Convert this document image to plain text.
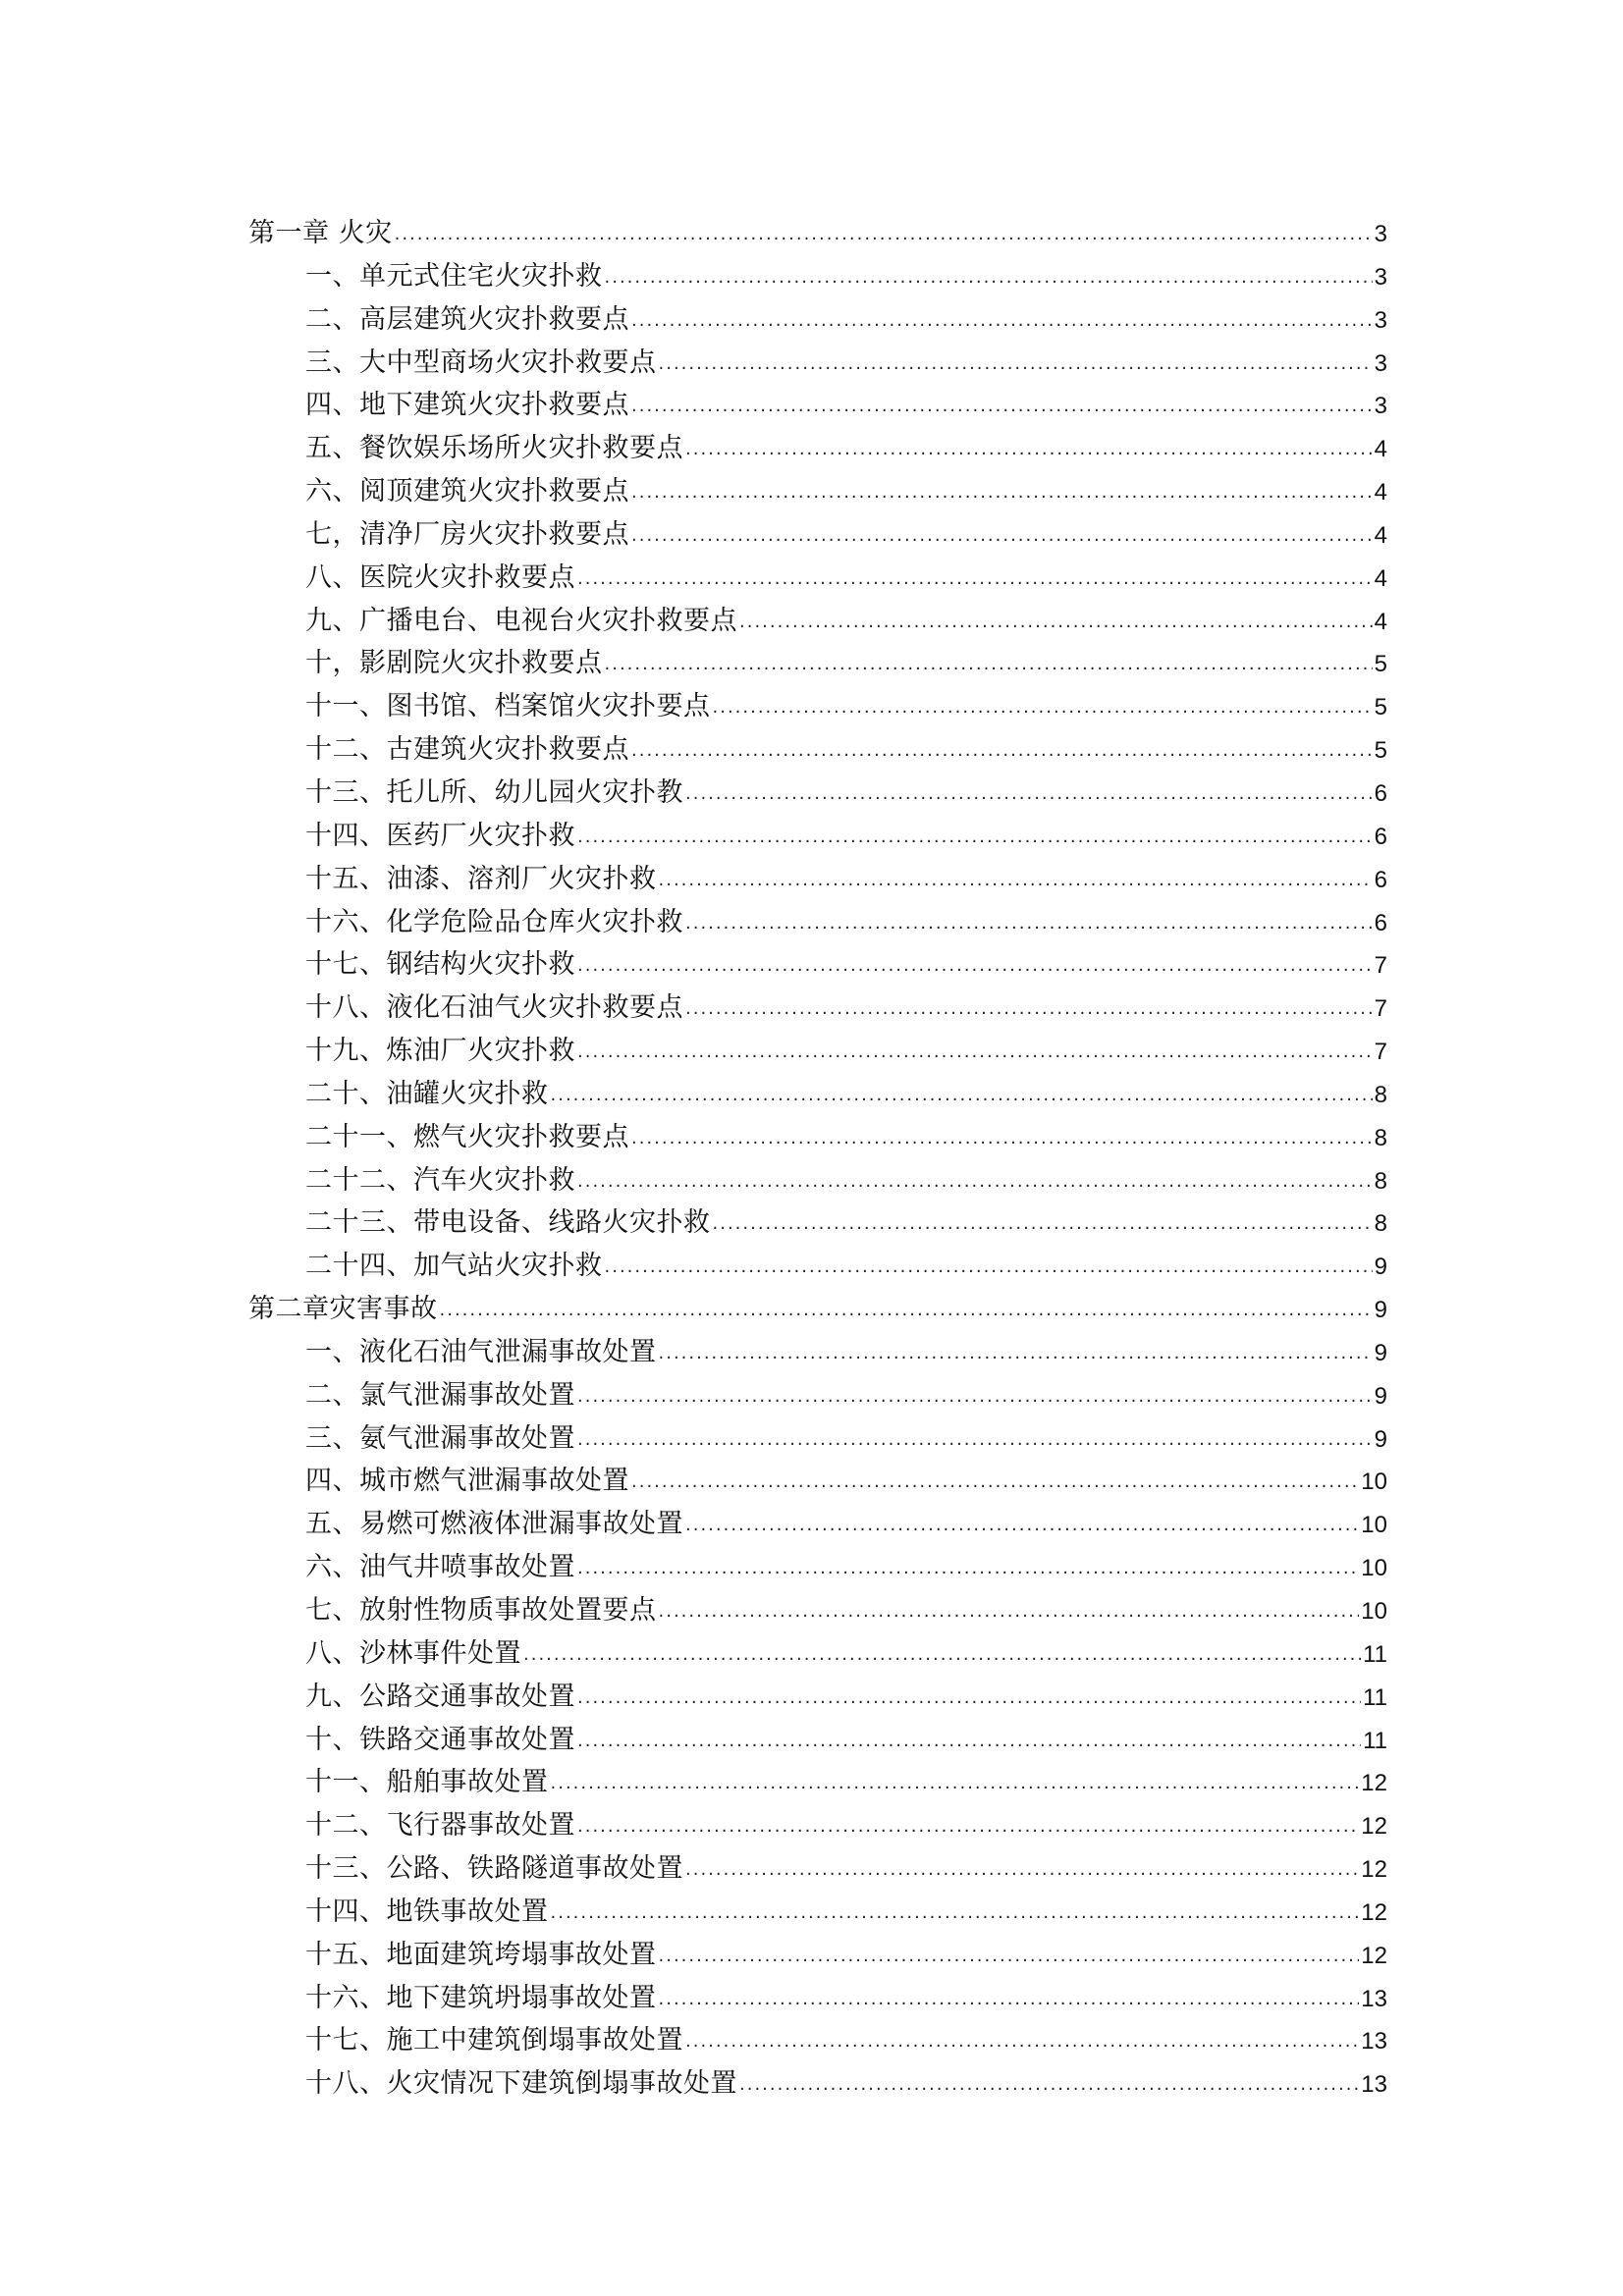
第一章 火灾 .....	3
一、单元式住宅火灾扑救 .....	3
二、高层建筑火灾扑救要点 .....	3
三、大中型商场火灾扑救要点 .....	3
四、地下建筑火灾扑救要点 .....	3
五、餐饮娱乐场所火灾扑救要点 .....	4
六、阅顶建筑火灾扑救要点 .....	4
七，清净厂房火灾扑救要点 .....	4
八、医院火灾扑救要点 .....	4
九、广播电台、电视台火灾扑救要点 .....	4
十，影剧院火灾扑救要点 .....	5
十一、图书馆、档案馆火灾扑要点 .....	5
十二、古建筑火灾扑救要点 .....	5
十三、托儿所、幼儿园火灾扑教 .....	6
十四、医药厂火灾扑救 .....	6
十五、油漆、溶剂厂火灾扑救 .....	6
十六、化学危险品仓库火灾扑救 .....	6
十七、钢结构火灾扑救 .....	7
十八、液化石油气火灾扑救要点 .....	7
十九、炼油厂火灾扑救 .....	7
二十、油罐火灾扑救 .....	8
二十一、燃气火灾扑救要点 .....	8
二十二、汽车火灾扑救 .....	8
二十三、带电设备、线路火灾扑救 .....	8
二十四、加气站火灾扑救 .....	9
第二章灾害事故 .....	9
一、液化石油气泄漏事故处置 .....	9
二、氯气泄漏事故处置 .....	9
三、氨气泄漏事故处置 .....	9
四、城市燃气泄漏事故处置 .....	10
五、易燃可燃液体泄漏事故处置 .....	10
六、油气井喷事故处置 .....	10
七、放射性物质事故处置要点 .....	10
八、沙林事件处置 .....	11
九、公路交通事故处置 .....	11
十、铁路交通事故处置 .....	11
十一、船舶事故处置 .....	12
十二、飞行器事故处置 .....	12
十三、公路、铁路隧道事故处置 .....	12
十四、地铁事故处置 .....	12
十五、地面建筑垮塌事故处置 .....	12
十六、地下建筑坍塌事故处置 .....	13
十七、施工中建筑倒塌事故处置 .....	13
十八、火灾情况下建筑倒塌事故处置 .....	13
